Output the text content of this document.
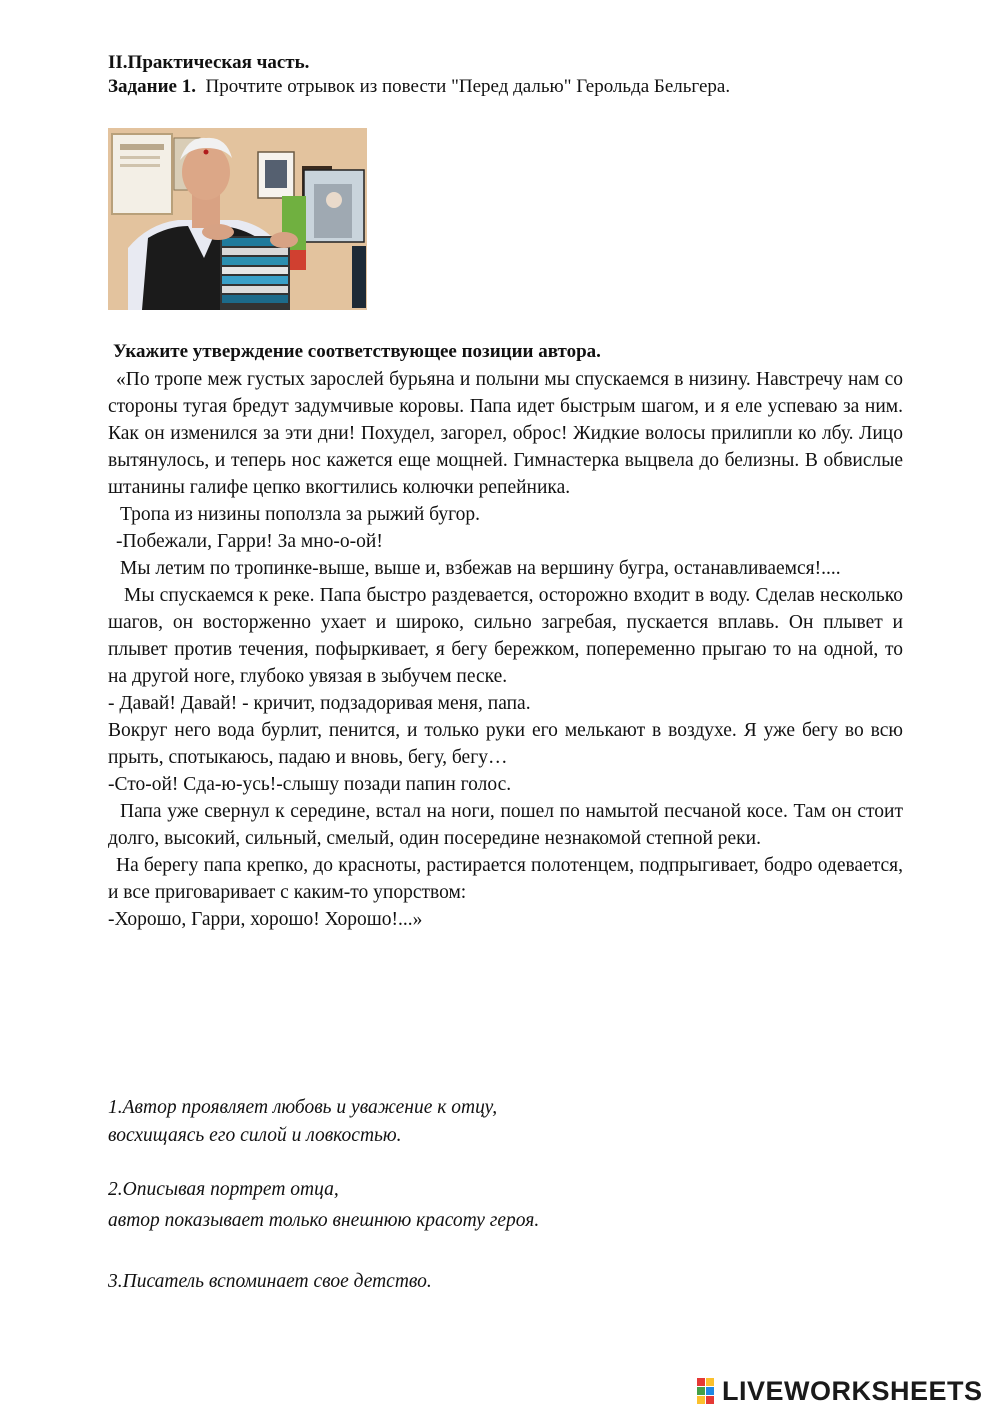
II.Практическая часть.
Задание 1. Прочтите отрывок из повести "Перед далью" Герольда Бельгера.
Укажите утверждение соответствующее позиции автора.

«По тропе меж густых зарослей бурьяна и полыни мы спускаемся в низину. Навстречу нам со стороны тугая бредут задумчивые коровы. Папа идет быстрым шагом, и я еле успеваю за ним. Как он изменился за эти дни! Похудел, загорел, оброс! Жидкие волосы прилипли ко лбу. Лицо вытянулось, и теперь нос кажется еще мощней. Гимнастерка выцвела до белизны. В обвислые штанины галифе цепко вкогтились колючки репейника.

Тропа из низины поползла за рыжий бугор.

-Побежали, Гарри! За мно-о-ой!

Мы летим по тропинке-выше, выше и, взбежав на вершину бугра, останавливаемся!....

Мы спускаемся к реке. Папа быстро раздевается, осторожно входит в воду. Сделав несколько шагов, он восторженно ухает и широко, сильно загребая, пускается вплавь. Он плывет и плывет против течения, пофыркивает, я бегу бережком, попеременно прыгаю то на одной, то на другой ноге, глубоко увязая в зыбучем песке.

- Давай! Давай! - кричит, подзадоривая меня, папа.

Вокруг него вода бурлит, пенится, и только руки его мелькают в воздухе. Я уже бегу во всю прыть, спотыкаюсь, падаю и вновь, бегу, бегу…

-Сто-ой! Сда-ю-усь!-слышу позади папин голос.

Папа уже свернул к середине, встал на ноги, пошел по намытой песчаной косе. Там он стоит долго, высокий, сильный, смелый, один посередине незнакомой степной реки.

На берегу папа крепко, до красноты, растирается полотенцем, подпрыгивает, бодро одевается, и все приговаривает с каким-то упорством:

-Хорошо, Гарри, хорошо! Хорошо!...»

1.Автор проявляет любовь и уважение к отцу,
восхищаясь его силой и ловкостью.
2.Описывая портрет отца,
автор показывает только внешнюю красоту героя.
3.Писатель вспоминает свое детство.
LIVEWORKSHEETS
